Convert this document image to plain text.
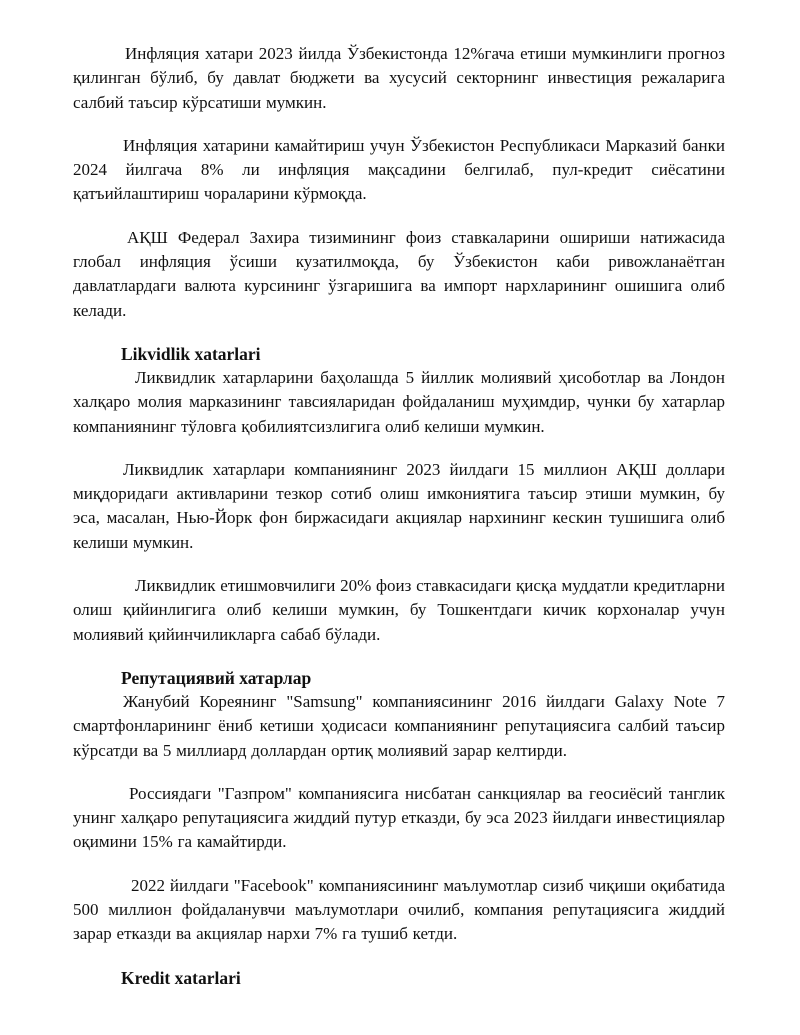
Инфляция хатари 2023 йилда Ўзбекистонда 12%гача етиши мумкинлиги прогноз қилинган бўлиб, бу давлат бюджети ва хусусий секторнинг инвестиция режаларига салбий таъсир кўрсатиши мумкин.

Инфляция хатарини камайтириш учун Ўзбекистон Республикаси Марказий банки 2024 йилгача 8% ли инфляция мақсадини белгилаб, пул-кредит сиёсатини қатъийлаштириш чораларини кўрмоқда.

АҚШ Федерал Захира тизимининг фоиз ставкаларини ошириши натижасида глобал инфляция ўсиши кузатилмоқда, бу Ўзбекистон каби ривожланаётган давлатлардаги валюта курсининг ўзгаришига ва импорт нархларининг ошишига олиб келади.

Likvidlik xatarlari

Ликвидлик хатарларини баҳолашда 5 йиллик молиявий ҳисоботлар ва Лондон халқаро молия марказининг тавсияларидан фойдаланиш муҳимдир, чунки бу хатарлар компаниянинг тўловга қобилиятсизлигига олиб келиши мумкин.

Ликвидлик хатарлари компаниянинг 2023 йилдаги 15 миллион АҚШ доллари миқдоридаги активларини тезкор сотиб олиш имкониятига таъсир этиши мумкин, бу эса, масалан, Нью-Йорк фон биржасидаги акциялар нархининг кескин тушишига олиб келиши мумкин.

Ликвидлик етишмовчилиги 20% фоиз ставкасидаги қисқа муддатли кредитларни олиш қийинлигига олиб келиши мумкин, бу Тошкентдаги кичик корхоналар учун молиявий қийинчиликларга сабаб бўлади.

Репутациявий хатарлар

Жанубий Кореянинг "Samsung" компаниясининг 2016 йилдаги Galaxy Note 7 смартфонларининг ёниб кетиши ҳодисаси компаниянинг репутациясига салбий таъсир кўрсатди ва 5 миллиард доллардан ортиқ молиявий зарар келтирди.

Россиядаги "Газпром" компаниясига нисбатан санкциялар ва геосиёсий танглик унинг халқаро репутациясига жиддий путур етказди, бу эса 2023 йилдаги инвестициялар оқимини 15% га камайтирди.

2022 йилдаги "Facebook" компаниясининг маълумотлар сизиб чиқиши оқибатида 500 миллион фойдаланувчи маълумотлари очилиб, компания репутациясига жиддий зарар етказди ва акциялар нархи 7% га тушиб кетди.

Kredit xatarlari
